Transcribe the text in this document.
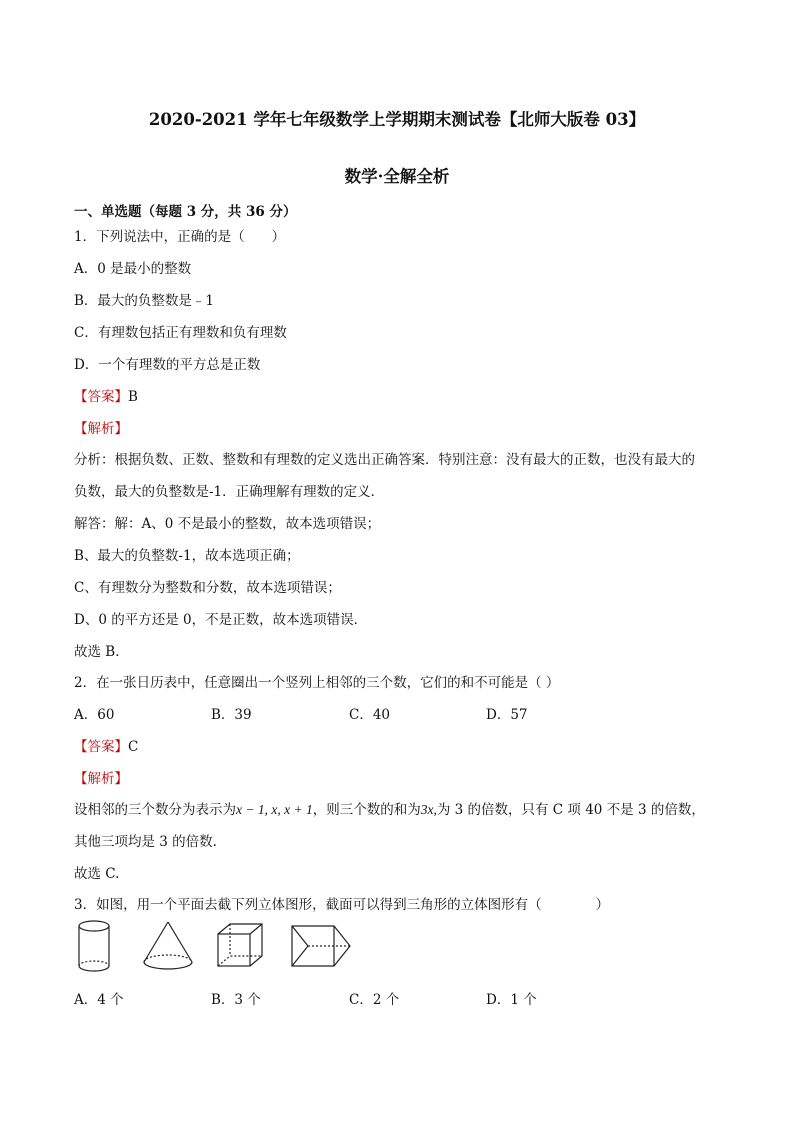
2020-2021 学年七年级数学上学期期末测试卷【北师大版卷 03】
数学·全解全析
一、单选题（每题 3 分，共 36 分）
1．下列说法中，正确的是（　　）
A．0 是最小的整数
B．最大的负整数是﹣1
C．有理数包括正有理数和负有理数
D．一个有理数的平方总是正数
【答案】B
【解析】
分析：根据负数、正数、整数和有理数的定义选出正确答案．特别注意：没有最大的正数，也没有最大的
负数，最大的负整数是-1．正确理解有理数的定义．
解答：解：A、0 不是最小的整数，故本选项错误；
B、最大的负整数-1，故本选项正确；
C、有理数分为整数和分数，故本选项错误；
D、0 的平方还是 0，不是正数，故本选项错误．
故选 B．
2．在一张日历表中，任意圈出一个竖列上相邻的三个数，它们的和不可能是（ ）
A．60	B．39	C．40	D．57
【答案】C
【解析】
设相邻的三个数分为表示为x − 1, x, x + 1，则三个数的和为3x,为 3 的倍数，只有 C 项 40 不是 3 的倍数，
其他三项均是 3 的倍数.
故选 C.
3．如图，用一个平面去截下列立体图形，截面可以得到三角形的立体图形有（　　　　）
A．4 个	B．3 个	C．2 个	D．1 个
